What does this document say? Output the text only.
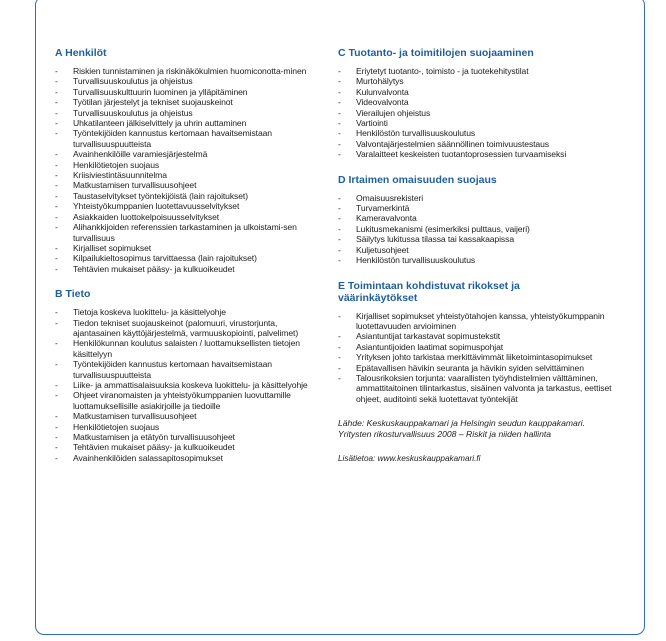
A Henkilöt
- Riskien tunnistaminen ja riskinäkökulmien huomiconotta-minen
- Turvallisuuskoulutus ja ohjeistus
- Turvallisuuskulttuurin luominen ja ylläpitäminen
- Työtilan järjestelyt ja tekniset suojauskeinot
- Turvallisuuskoulutus ja ohjeistus
- Uhkatilanteen jälkiselvittely ja uhrin auttaminen
- Työntekijöiden kannustus kertomaan havaitsemistaan turvallisuuspuutteista
- Avainhenkilöille varamiesjärjestelmä
- Henkilötietojen suojaus
- Kriisiviestintäsuunnitelma
- Matkustamisen turvallisuusohjeet
- Taustaselvitykset työntekijöistä (lain rajoitukset)
- Yhteistyökumppanien luotettavuusselvitykset
- Asiakkaiden luottokelpoisuusselvitykset
- Alihankkijoiden referenssien tarkastaminen ja ulkoistami-sen turvallisuus
- Kirjalliset sopimukset
- Kilpailukieltosopimus tarvittaessa (lain rajoitukset)
- Tehtävien mukaiset pääsy- ja kulkuoikeudet
B Tieto
- Tietoja koskeva luokittelu- ja käsittelyohje
- Tiedon tekniset suojauskeinot (palomuuri, virustorjunta, ajantasainen käyttöjärjestelmä, varmuuskopiointi, palvelimet)
- Henkilökunnan koulutus salaisten / luottamuksellisten tietojen käsittelyyn
- Työntekijöiden kannustus kertomaan havaitsemistaan turvallisuuspuutteista
- Liike- ja ammattisalaisuuksia koskeva luokittelu- ja käsittelyohje
- Ohjeet viranomaisten ja yhteistyökumppanien luovuttamille luottamuksellisille asiakirjoille ja tiedoille
- Matkustamisen turvallisuusohjeet
- Henkilötietojen suojaus
- Matkustamisen ja etätyön turvallisuusohjeet
- Tehtävien mukaiset pääsy- ja kulkuoikeudet
- Avainhenkilöiden salassapitosopimukset
C Tuotanto- ja toimitilojen suojaaminen
- Eriytetyt tuotanto-, toimisto - ja tuotekehitystilat
- Murtohälytys
- Kulunvalvonta
- Videovalvonta
- Vierailujen ohjeistus
- Vartiointi
- Henkilöstön turvallisuuskoulutus
- Valvontajärjestelmien säännöllinen toimivuustestaus
- Varalaitteet keskeisten tuotantoprosessien turvaamiseksi
D Irtaimen omaisuuden suojaus
- Omaisuusrekisteri
- Turvamerkintä
- Kameravalvonta
- Lukitusmekanismi (esimerkiksi pulttaus, vaijeri)
- Säilytys lukitussa tilassa tai kassakaapissa
- Kuljetusohjeet
- Henkilöstön turvallisuuskoulutus
E Toimintaan kohdistuvat rikokset ja väärinkäytökset
- Kirjalliset sopimukset yhteistyötahojen kanssa, yhteistyökumppanin luotettavuuden arvioiminen
- Asiantuntijat tarkastavat sopimustekstit
- Asiantuntijoiden laatimat sopimuspohjat
- Yrityksen johto tarkistaa merkittävimmät liiketoimintasopimukset
- Epätavallisen hävikin seuranta ja hävikin syiden selvittäminen
- Talousrikoksien torjunta: vaarallisten työyhdistelmien välttäminen, ammattitaitoinen tilintarkastus, sisäinen valvonta ja tarkastus, eettiset ohjeet, auditointi sekä luotettavat työntekijät
Lähde: Keskuskauppakamari ja Helsingin seudun kauppakamari.
Yritysten rikosturvallisuus 2008 – Riskit ja niiden hallinta
Lisätietoa: www.keskuskauppakamari.fi
